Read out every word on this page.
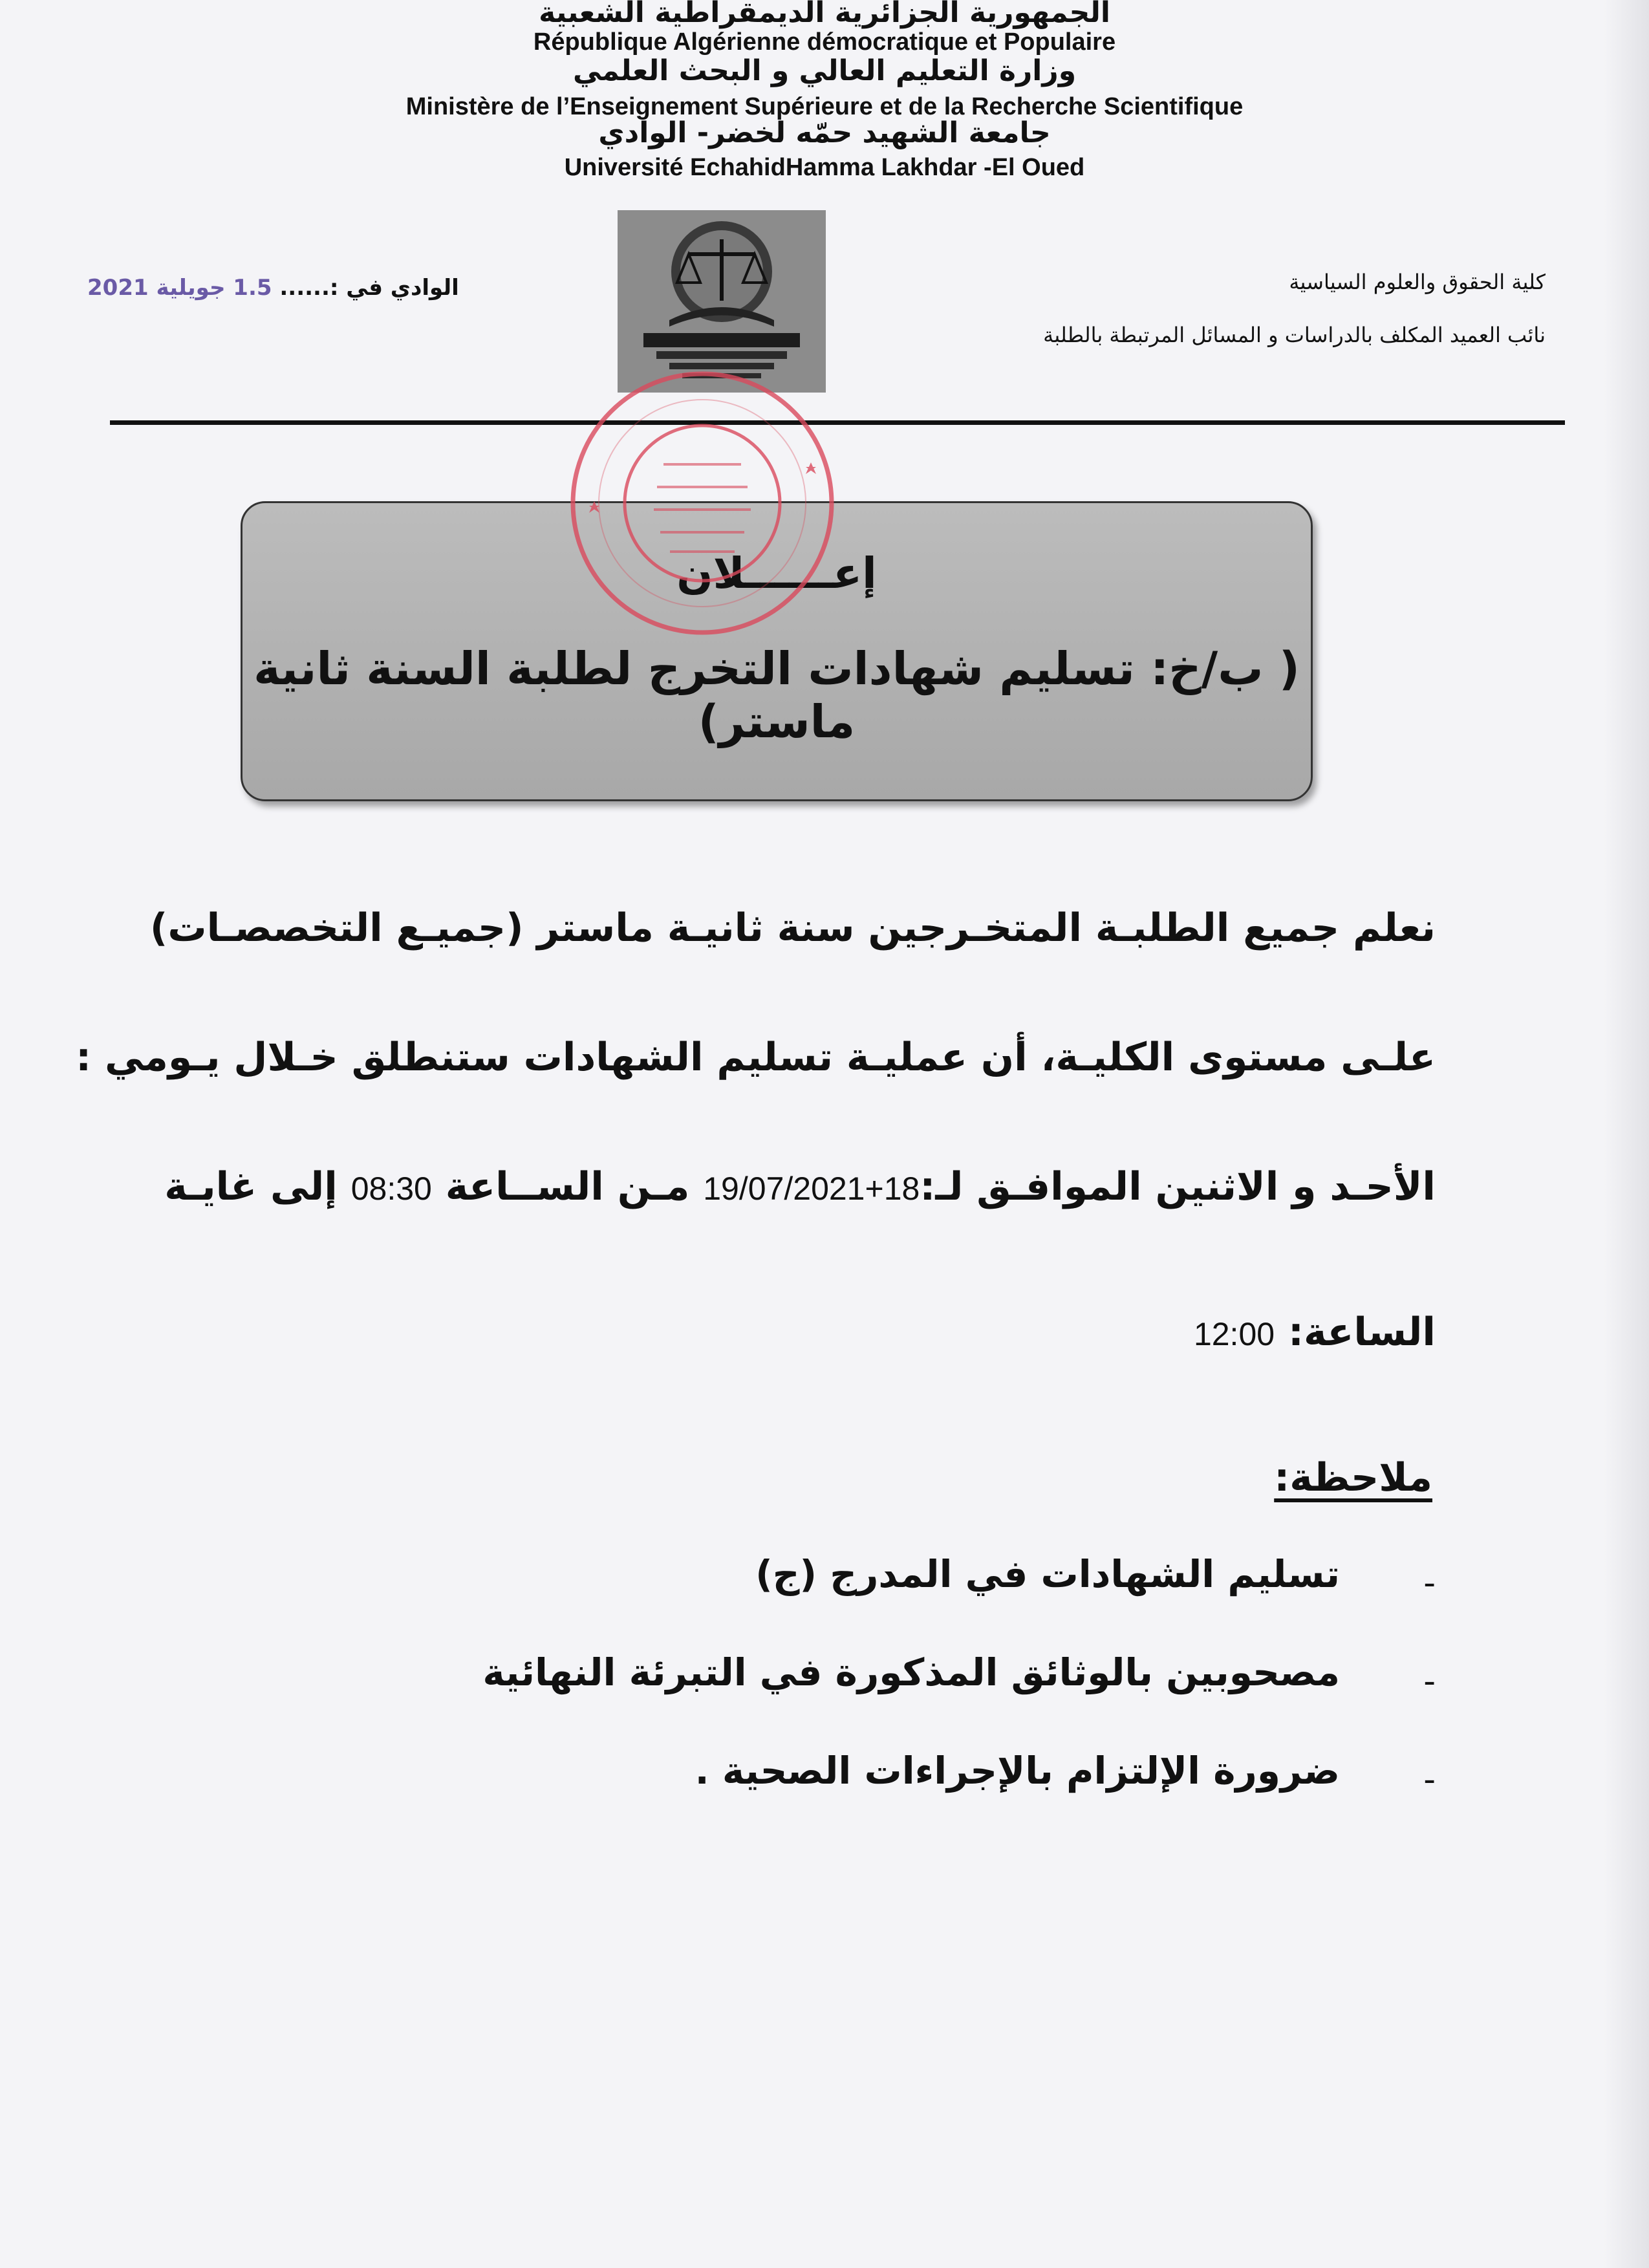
الجمهورية الجزائرية الديمقراطية الشعبية
République Algérienne démocratique et Populaire
وزارة التعليم العالي و البحث العلمي
Ministère de l’Enseignement Supérieure et de la Recherche Scientifique
جامعة الشهيد حمّه لخضر- الوادي
Université EchahidHamma Lakhdar -El Oued
كلية الحقوق والعلوم السياسية
نائب العميد المكلف بالدراسات و المسائل المرتبطة بالطلبة
الوادي في :...... 1.5 جويلية 2021
إعــــــلان
( ب/خ: تسليم شهادات التخرج لطلبة السنة ثانية ماستر)
نعلم جميع الطلبـة المتخـرجين سنة ثانيـة ماستر (جميـع التخصصـات)
علـى مستوى الكليـة، أن عمليـة تسليم الشهادات ستنطلق خـلال يـومي :
الأحـد و الاثنين الموافـق لـ:18+19/07/2021 مـن الســاعة 08:30 إلى غايـة
الساعة: 12:00
ملاحظة:
-
تسليم الشهادات في المدرج (ج)
-
مصحوبين بالوثائق المذكورة في التبرئة النهائية
-
ضرورة الإلتزام بالإجراءات الصحية .
